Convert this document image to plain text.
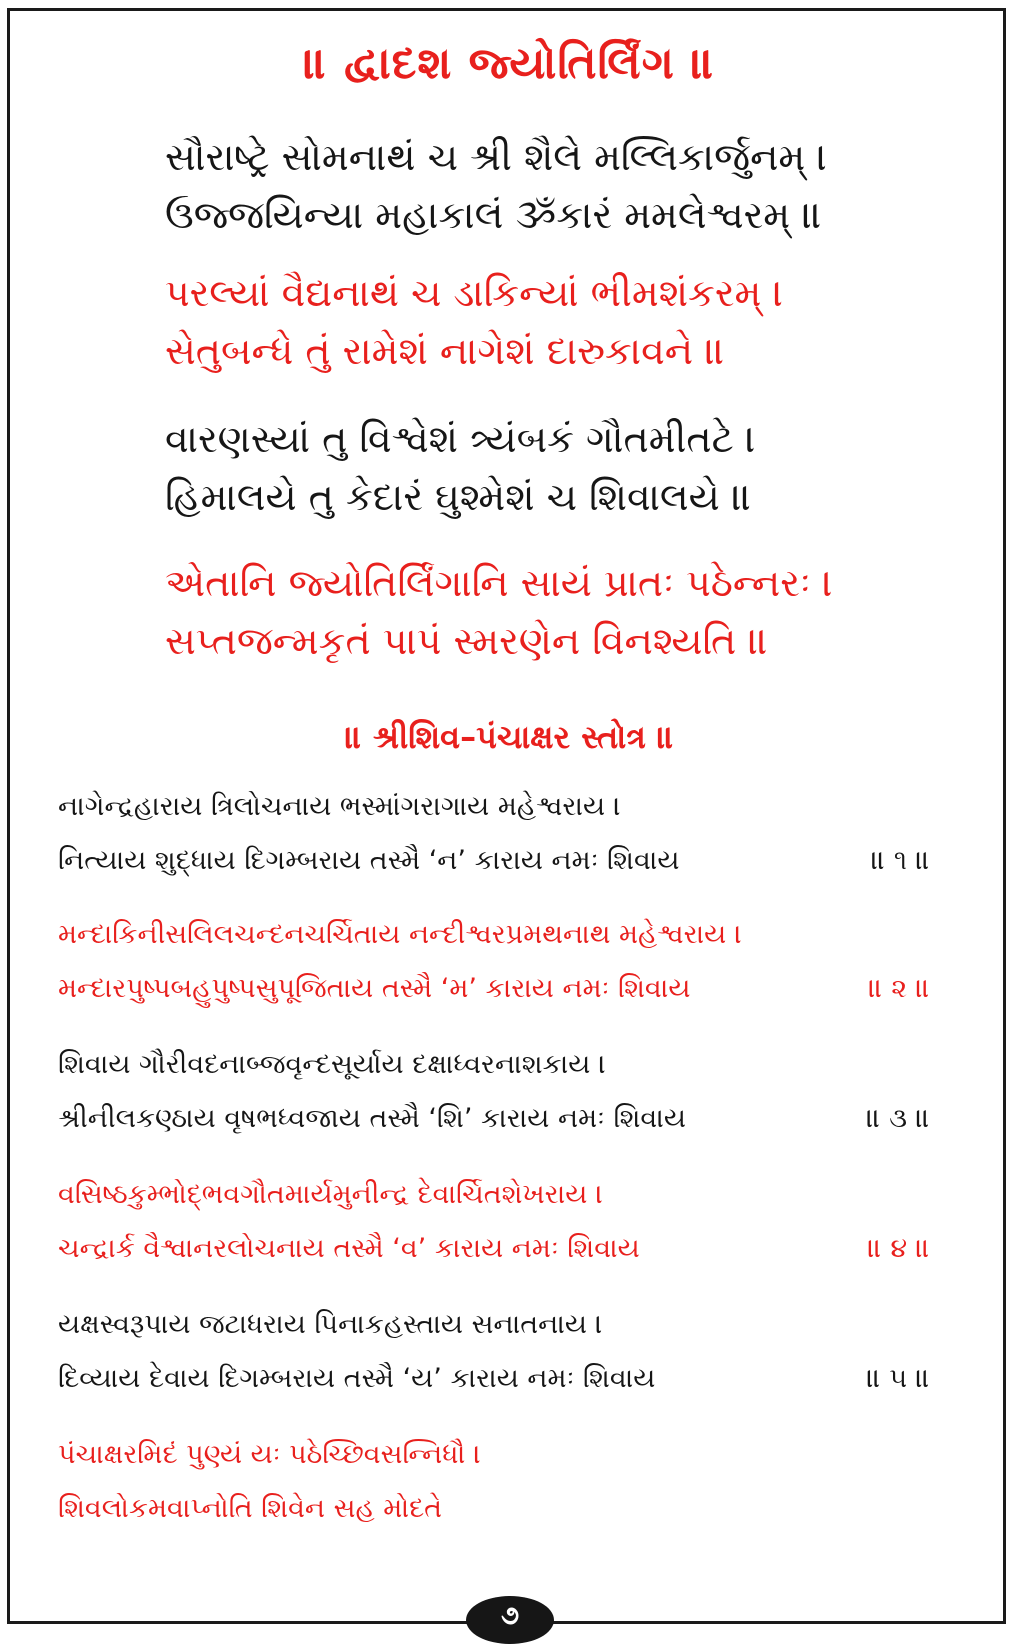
॥ દ્વાદશ જ્યોતિર્લિંગ ॥
સૌરાષ્ટ્રે સોમનાથં ચ શ્રી શૈલે મલ્લિકાર્જુનમ્ ।
ઉજ્જયિન્યા મહાકાલં ૐકારં મમલેશ્વરમ્ ॥
પરલ્યાં વૈદ્યનાથં ચ ડાકિન્યાં ભીમશંકરમ્ ।
સેતુબન્ધે તું રામેશં નાગેશં દારુકાવને ॥
વારણસ્યાં તુ વિશ્વેશં ત્ર્યંબકં ગૌતમીતટે ।
હિમાલયે તુ કેદારં ઘુશ્મેશં ચ શિવાલયે ॥
એતાનિ જ્યોતિર્લિંગાનિ સાયં પ્રાતઃ પઠેન્નરઃ ।
સપ્તજન્મકૃતં પાપં સ્મરણેન વિનશ્યતિ ॥
॥ શ્રીશિવ–પંચાક્ષર સ્તોત્ર ॥
નાગેન્દ્રહારાય ત્રિલોચનાય ભસ્માંગરાગાય મહેશ્વરાય ।
નિત્યાય શુદ્ધાય દિગમ્બરાય તસ્મૈ ‘ન’ કારાય નમઃ શિવાય	॥ ૧ ॥
મન્દાકિનીસલિલચન્દનચર્ચિતાય નન્દીશ્વરપ્રમથનાથ મહેશ્વરાય ।
મન્દારપુષ્પબહુપુષ્પસુપૂજિતાય તસ્મૈ ‘મ’ કારાય નમઃ શિવાય	॥ ૨ ॥
શિવાય ગૌરીવદનાબ્જવૃન્દસૂર્યાય દક્ષાધ્વરનાશકાય ।
શ્રીનીલકણ્ઠાય વૃષભધ્વજાય તસ્મૈ ‘શિ’ કારાય નમઃ શિવાય	॥ ૩ ॥
વસિષ્ઠકુમ્ભોદ્ભવગૌતમાર્યમુનીન્દ્ર દેવાર્ચિતશેખરાય ।
ચન્દ્રાર્ક વૈશ્વાનરલોચનાય તસ્મૈ ‘વ’ કારાય નમઃ શિવાય	॥ ૪ ॥
યક્ષસ્વરૂપાય જટાધરાય પિનાકહસ્તાય સનાતનાય ।
દિવ્યાય દેવાય દિગમ્બરાય તસ્મૈ ‘ય’ કારાય નમઃ શિવાય	॥ ૫ ॥
પંચાક્ષરમિદં પુણ્યં યઃ પઠેચ્છિવસન્નિધૌ ।
શિવલોકમવાપ્નોતિ શિવેન સહ મોદતે
૭
